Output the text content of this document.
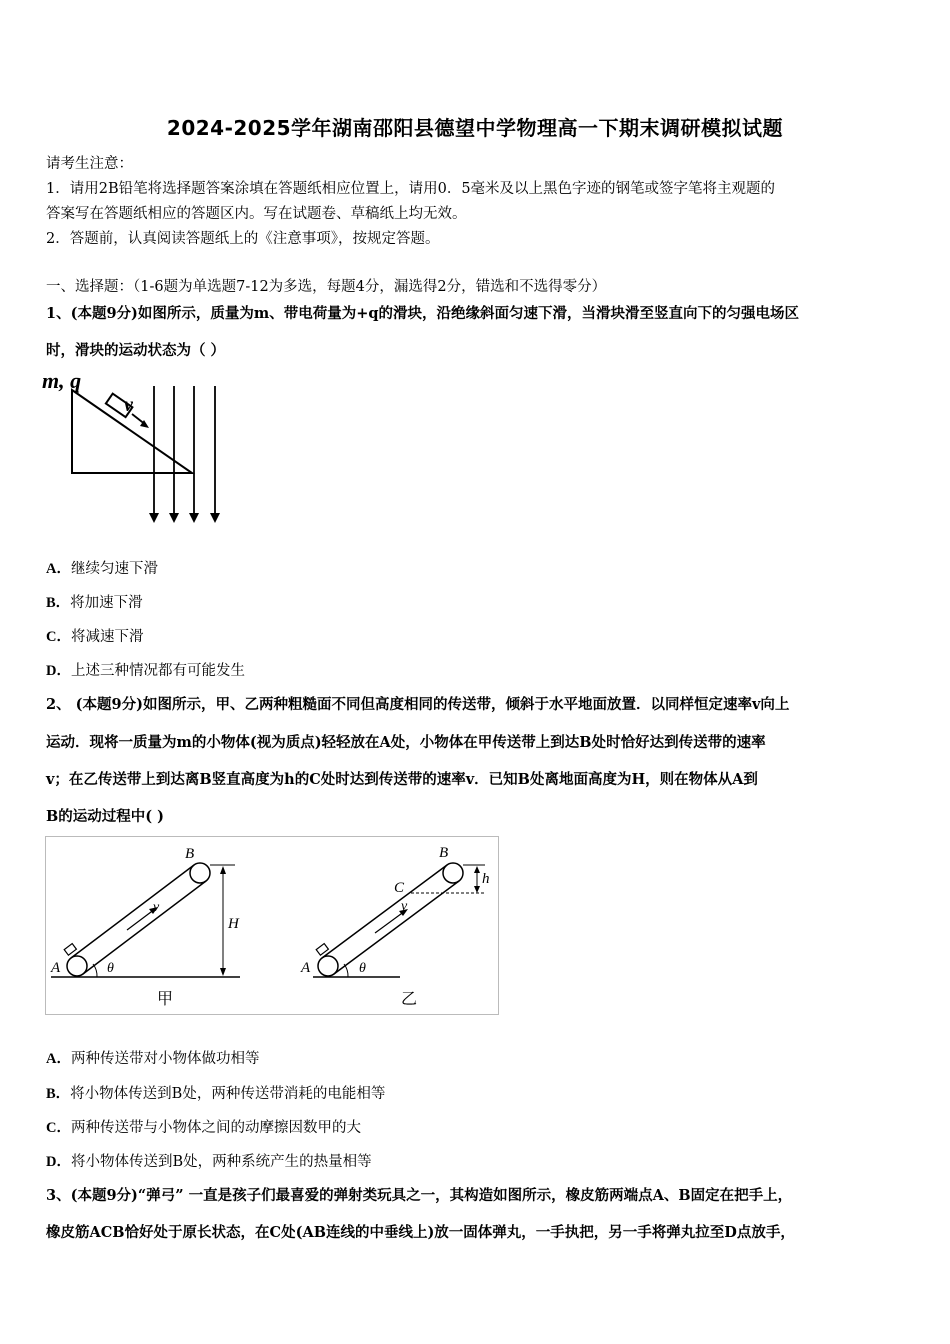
2024-2025学年湖南邵阳县德望中学物理高一下期末调研模拟试题
请考生注意：
1．请用2B铅笔将选择题答案涂填在答题纸相应位置上，请用0．5毫米及以上黑色字迹的钢笔或签字笔将主观题的
答案写在答题纸相应的答题区内。写在试题卷、草稿纸上均无效。
2．答题前，认真阅读答题纸上的《注意事项》，按规定答题。
一、选择题：（1-6题为单选题7-12为多选，每题4分，漏选得2分，错选和不选得零分）
1、(本题9分)如图所示，质量为m、带电荷量为+q的滑块，沿绝缘斜面匀速下滑，当滑块滑至竖直向下的匀强电场区
时，滑块的运动状态为（ ）
m, q
v
A．继续匀速下滑
B．将加速下滑
C．将减速下滑
D．上述三种情况都有可能发生
2、 (本题9分)如图所示，甲、乙两种粗糙面不同但高度相同的传送带，倾斜于水平地面放置．以同样恒定速率v向上
运动．现将一质量为m的小物体(视为质点)轻轻放在A处，小物体在甲传送带上到达B处时恰好达到传送带的速率
v；在乙传送带上到达离B竖直高度为h的C处时达到传送带的速率v．已知B处离地面高度为H，则在物体从A到
B的运动过程中( )
B
A
H
v
θ
甲
B
C
A
h
v
θ
乙
A．两种传送带对小物体做功相等
B．将小物体传送到B处，两种传送带消耗的电能相等
C．两种传送带与小物体之间的动摩擦因数甲的大
D．将小物体传送到B处，两种系统产生的热量相等
3、(本题9分)“弹弓” 一直是孩子们最喜爱的弹射类玩具之一，其构造如图所示，橡皮筋两端点A、B固定在把手上，
橡皮筋ACB恰好处于原长状态，在C处(AB连线的中垂线上)放一固体弹丸，一手执把，另一手将弹丸拉至D点放手，
